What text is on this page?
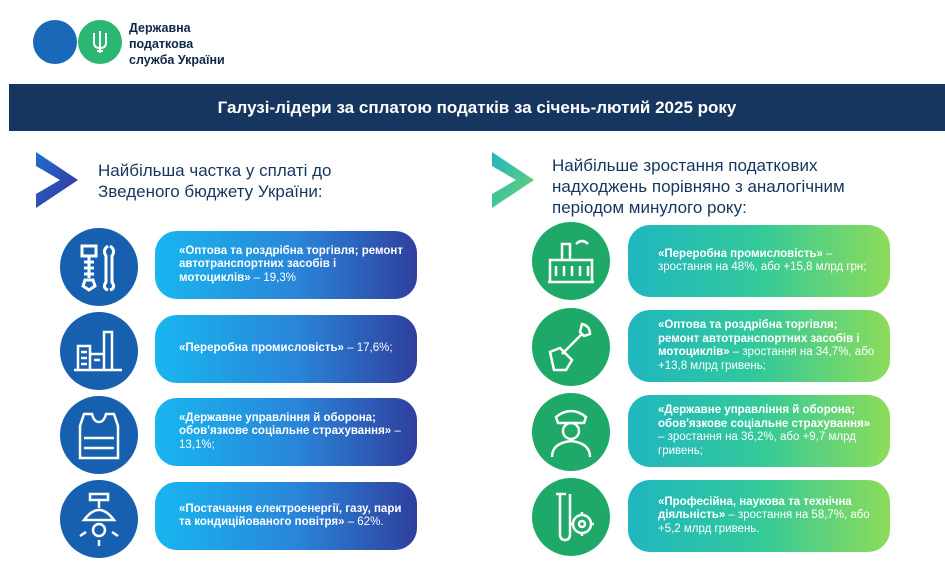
Державна
податкова
служба України
Галузі-лідери за сплатою податків за січень-лютий 2025 року
Найбільша частка у сплаті до Зведеного бюджету України:
Найбільше зростання податкових надходжень порівняно з аналогічним періодом минулого року:
«Оптова та роздрібна торгівля; ремонт автотранспортних засобів і мотоциклів» – 19,3%
«Переробна промисловість» – 17,6%;
«Державне управління й оборона; обов'язкове соціальне страхування» – 13,1%;
«Постачання електроенергії, газу, пари та кондиційованого повітря» – 62%.
«Переробна промисловість» – зростання на 48%, або +15,8 млрд грн;
«Оптова та роздрібна торгівля; ремонт автотранспортних засобів і мотоциклів» – зростання на 34,7%, або +13,8 млрд гривень;
«Державне управління й оборона; обов'язкове соціальне страхування» – зростання на 36,2%, або +9,7 млрд гривень;
«Професійна, наукова та технічна діяльність» – зростання на 58,7%, або +5,2 млрд гривень.
